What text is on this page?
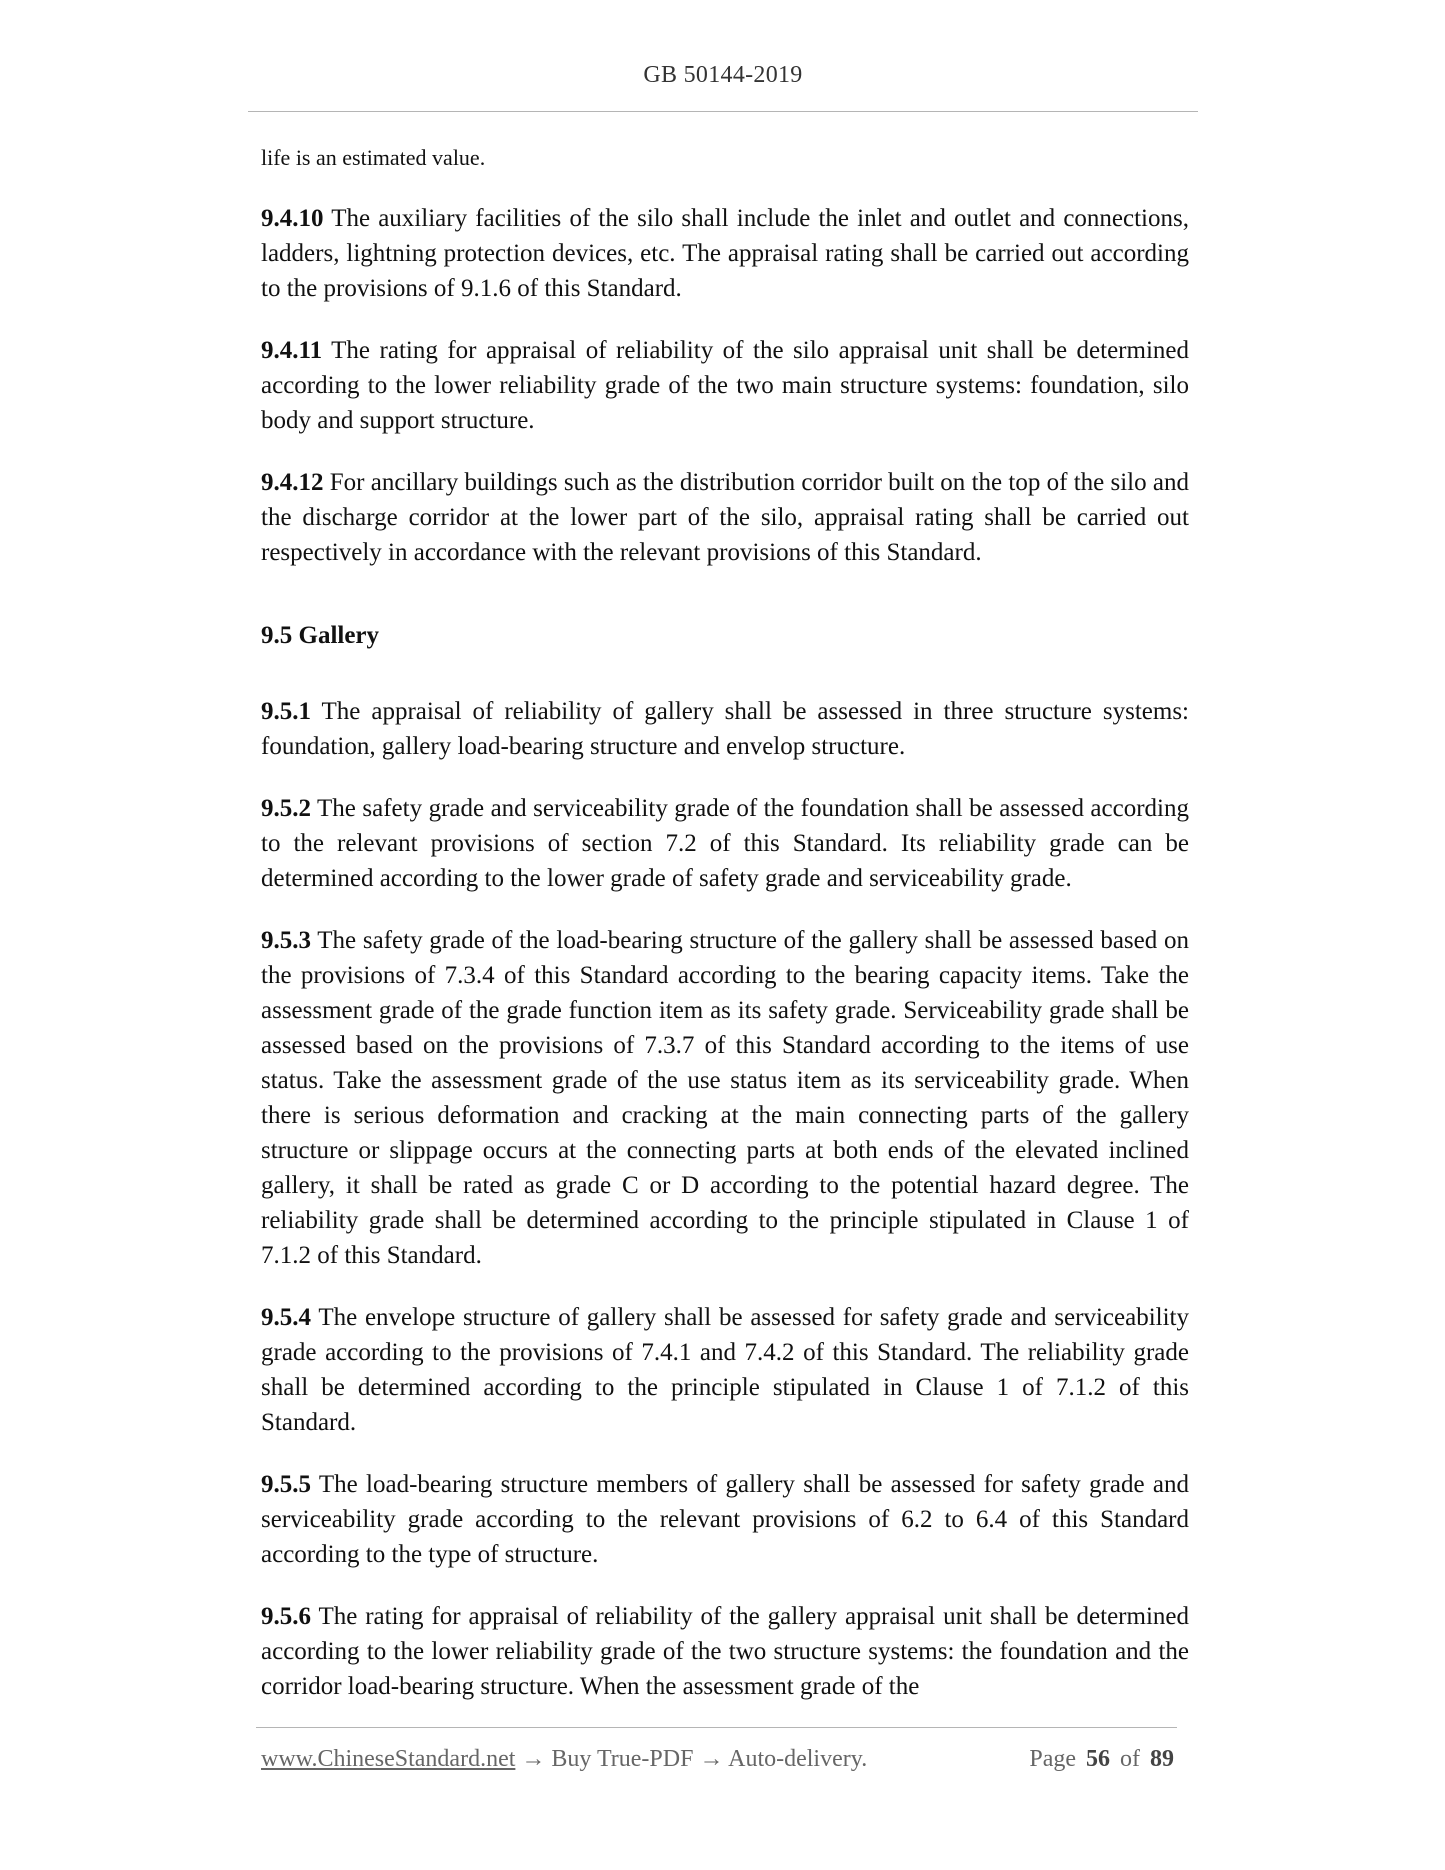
GB 50144-2019

life is an estimated value.

9.4.10 The auxiliary facilities of the silo shall include the inlet and outlet and connections, ladders, lightning protection devices, etc. The appraisal rating shall be carried out according to the provisions of 9.1.6 of this Standard.

9.4.11 The rating for appraisal of reliability of the silo appraisal unit shall be determined according to the lower reliability grade of the two main structure systems: foundation, silo body and support structure.

9.4.12 For ancillary buildings such as the distribution corridor built on the top of the silo and the discharge corridor at the lower part of the silo, appraisal rating shall be carried out respectively in accordance with the relevant provisions of this Standard.

9.5 Gallery

9.5.1 The appraisal of reliability of gallery shall be assessed in three structure systems: foundation, gallery load-bearing structure and envelop structure.

9.5.2 The safety grade and serviceability grade of the foundation shall be assessed according to the relevant provisions of section 7.2 of this Standard. Its reliability grade can be determined according to the lower grade of safety grade and serviceability grade.

9.5.3 The safety grade of the load-bearing structure of the gallery shall be assessed based on the provisions of 7.3.4 of this Standard according to the bearing capacity items. Take the assessment grade of the grade function item as its safety grade. Serviceability grade shall be assessed based on the provisions of 7.3.7 of this Standard according to the items of use status. Take the assessment grade of the use status item as its serviceability grade. When there is serious deformation and cracking at the main connecting parts of the gallery structure or slippage occurs at the connecting parts at both ends of the elevated inclined gallery, it shall be rated as grade C or D according to the potential hazard degree. The reliability grade shall be determined according to the principle stipulated in Clause 1 of 7.1.2 of this Standard.

9.5.4 The envelope structure of gallery shall be assessed for safety grade and serviceability grade according to the provisions of 7.4.1 and 7.4.2 of this Standard. The reliability grade shall be determined according to the principle stipulated in Clause 1 of 7.1.2 of this Standard.

9.5.5 The load-bearing structure members of gallery shall be assessed for safety grade and serviceability grade according to the relevant provisions of 6.2 to 6.4 of this Standard according to the type of structure.

9.5.6 The rating for appraisal of reliability of the gallery appraisal unit shall be determined according to the lower reliability grade of the two structure systems: the foundation and the corridor load-bearing structure. When the assessment grade of the

www.ChineseStandard.net → Buy True-PDF → Auto-delivery.	Page 56 of 89
